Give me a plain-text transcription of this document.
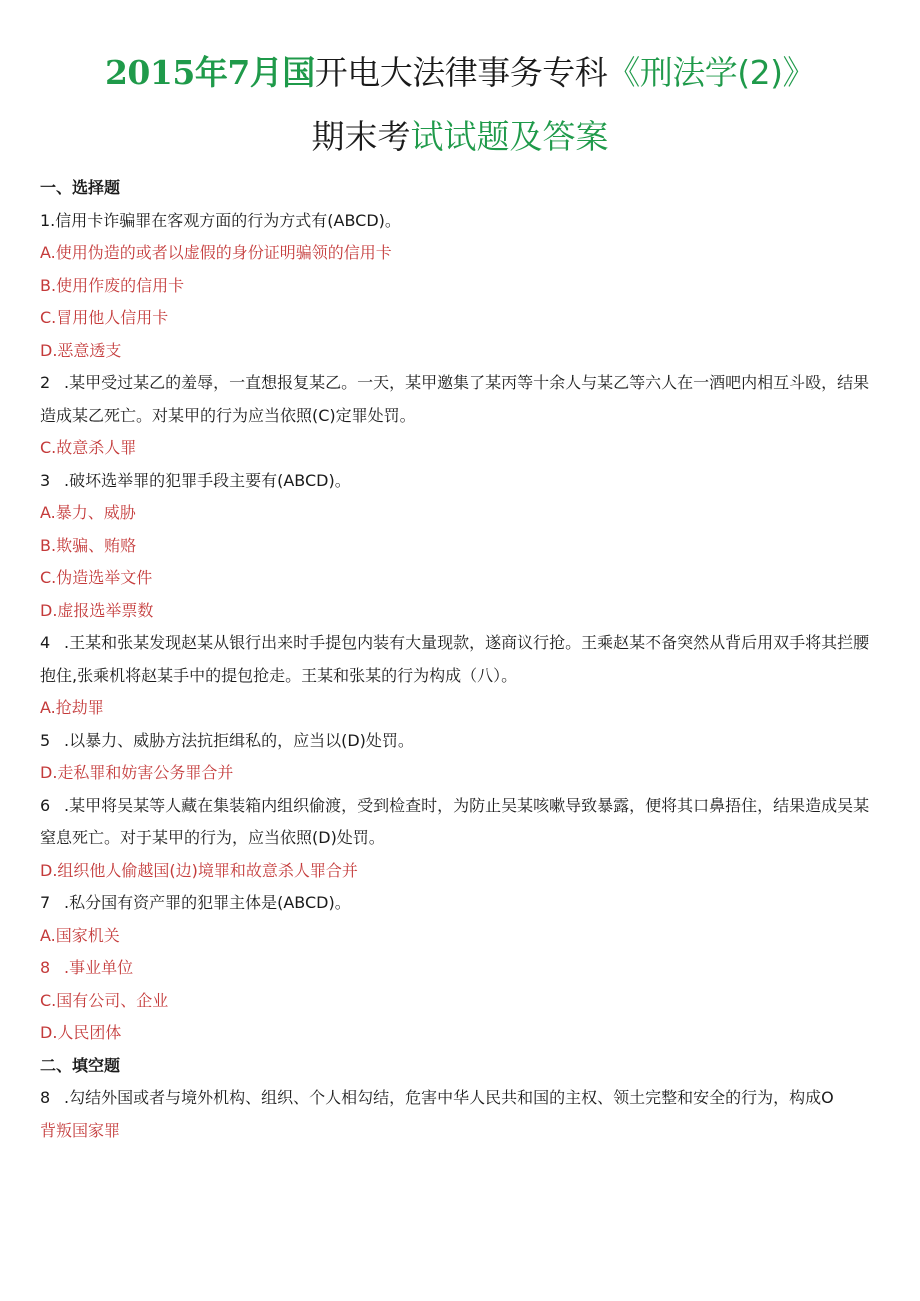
2015年7月国开电大法律事务专科《刑法学(2)》
期末考试试题及答案
一、选择题
1.信用卡诈骗罪在客观方面的行为方式有(ABCD)。
A.使用伪造的或者以虚假的身份证明骗领的信用卡
B.使用作废的信用卡
C.冒用他人信用卡
D.恶意透支
2 .某甲受过某乙的羞辱，一直想报复某乙。一天，某甲邀集了某丙等十余人与某乙等六人在一酒吧内相互斗殴，结果造成某乙死亡。对某甲的行为应当依照(C)定罪处罚。
C.故意杀人罪
3 .破坏选举罪的犯罪手段主要有(ABCD)。
A.暴力、威胁
B.欺骗、贿赂
C.伪造选举文件
D.虚报选举票数
4 .王某和张某发现赵某从银行出来时手提包内装有大量现款，遂商议行抢。王乘赵某不备突然从背后用双手将其拦腰抱住,张乘机将赵某手中的提包抢走。王某和张某的行为构成（八）。
A.抢劫罪
5 .以暴力、威胁方法抗拒缉私的，应当以(D)处罚。
D.走私罪和妨害公务罪合并
6 .某甲将吴某等人藏在集装箱内组织偷渡，受到检查时，为防止吴某咳嗽导致暴露，便将其口鼻捂住，结果造成吴某窒息死亡。对于某甲的行为，应当依照(D)处罚。
D.组织他人偷越国(边)境罪和故意杀人罪合并
7 .私分国有资产罪的犯罪主体是(ABCD)。
A.国家机关
8 .事业单位
C.国有公司、企业
D.人民团体
二、填空题
8 .勾结外国或者与境外机构、组织、个人相勾结，危害中华人民共和国的主权、领土完整和安全的行为，构成O
背叛国家罪
